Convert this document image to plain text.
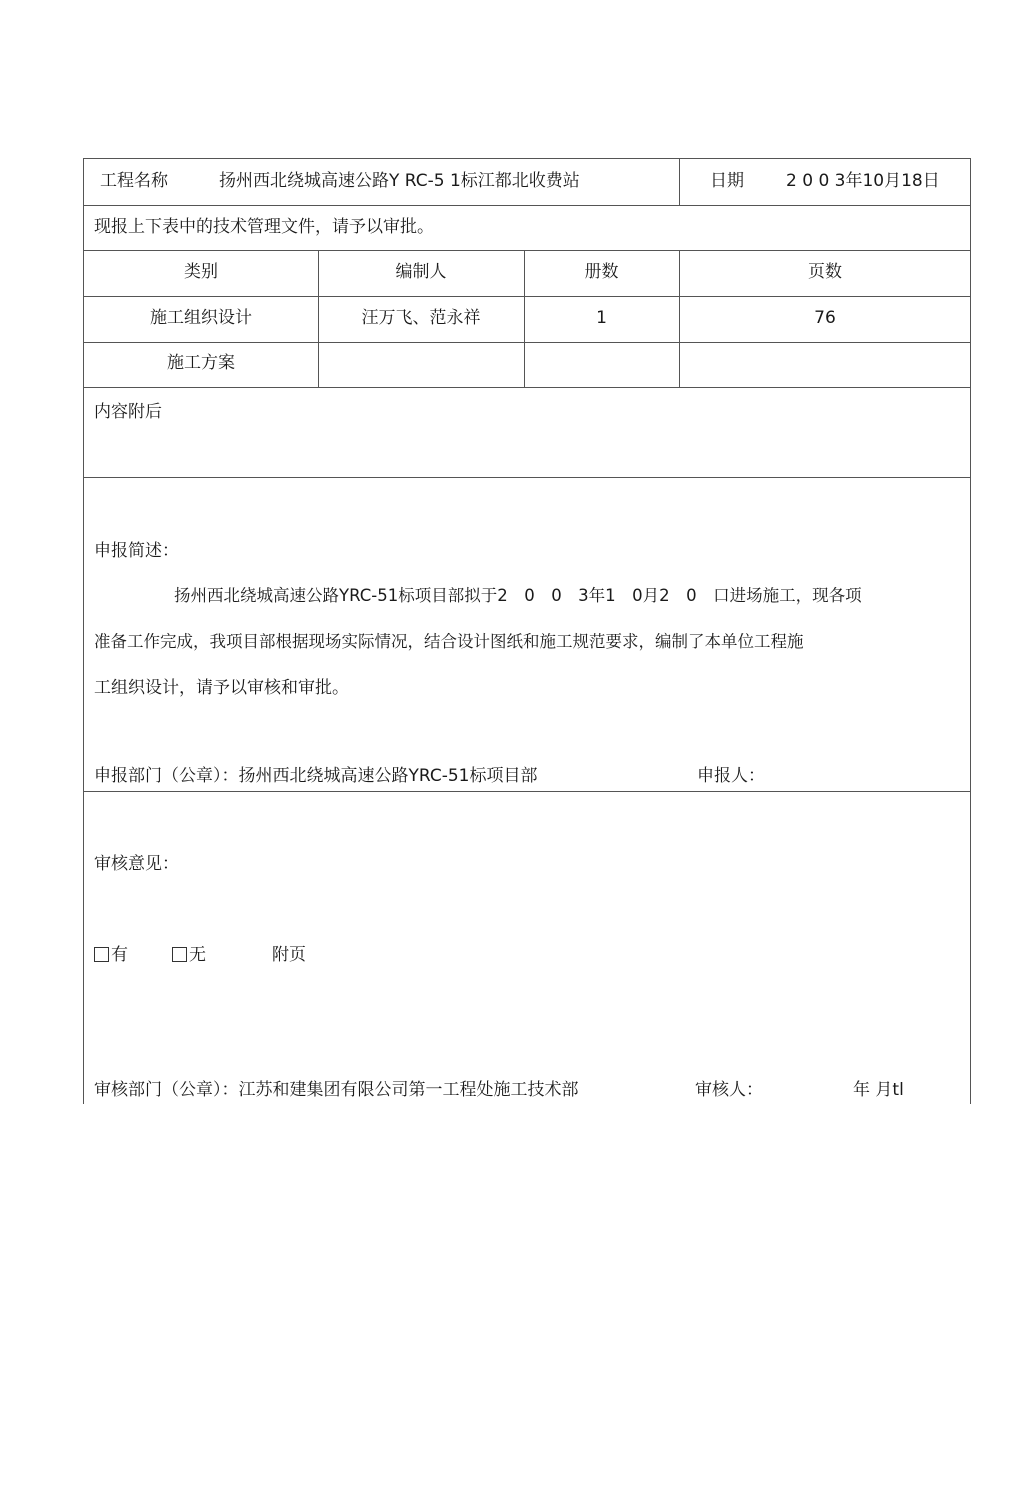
工程名称	扬州西北绕城高速公路Y RC-5 1标江都北收费站	日期 2 0 0 3年10月18日
现报上下表中的技术管理文件，请予以审批。
类别	编制人	册数	页数
施工组织设计	汪万飞、范永祥	1	76
施工方案
内容附后
申报简述：
扬州西北绕城高速公路YRC-51标项目部拟于2　0　0　3年1　0月2　0　口进场施工，现各项
准备工作完成，我项目部根据现场实际情况，结合设计图纸和施工规范要求，编制了本单位工程施
工组织设计，请予以审核和审批。
申报部门（公章）：扬州西北绕城高速公路YRC-51标项目部	申报人：
审核意见：
有	无	附页
审核部门（公章）：江苏和建集团有限公司第一工程处施工技术部	审核人：	年 月tl
